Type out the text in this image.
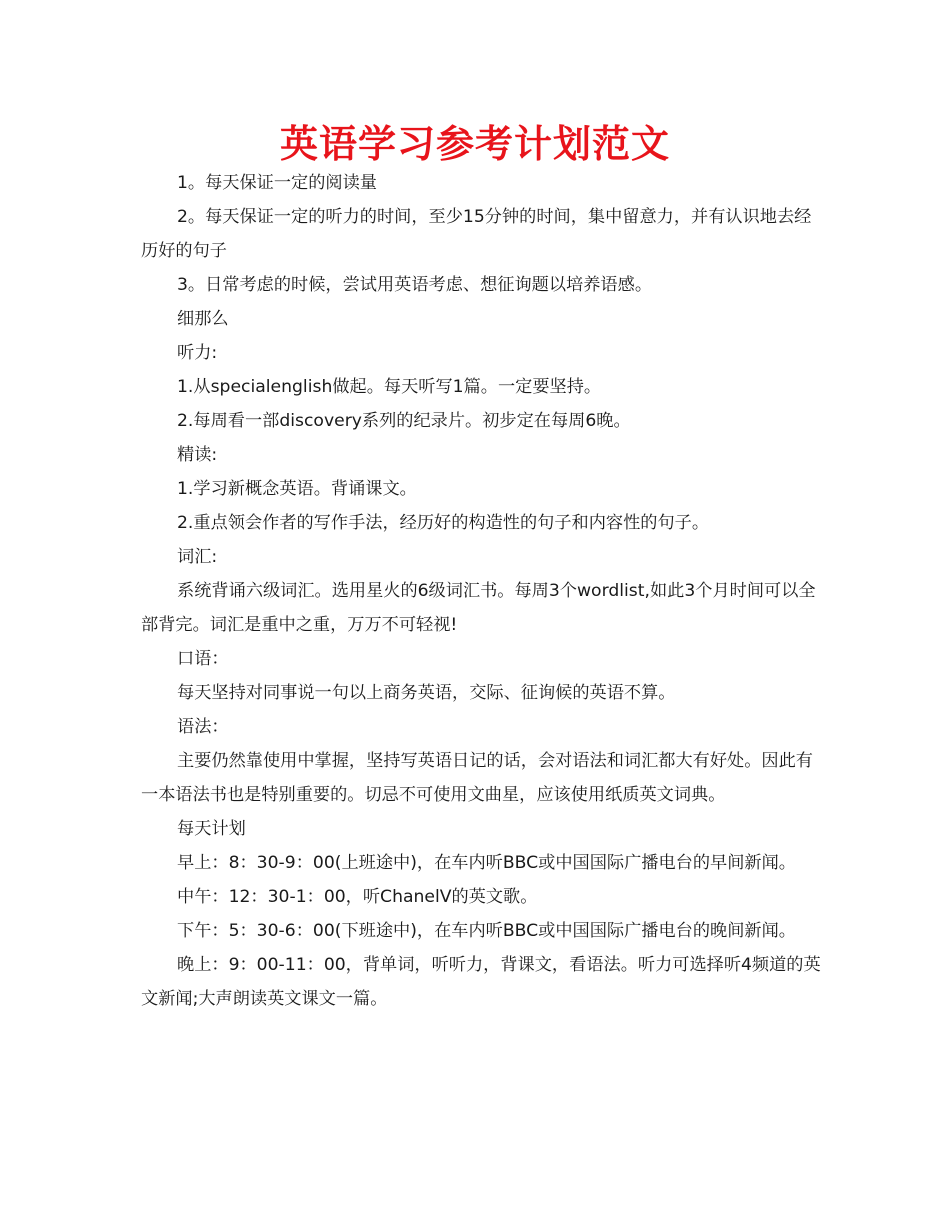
英语学习参考计划范文

1。每天保证一定的阅读量

2。每天保证一定的听力的时间，至少15分钟的时间，集中留意力，并有认识地去经历好的句子

3。日常考虑的时候，尝试用英语考虑、想征询题以培养语感。

细那么

听力:

1.从specialenglish做起。每天听写1篇。一定要坚持。

2.每周看一部discovery系列的纪录片。初步定在每周6晚。

精读:

1.学习新概念英语。背诵课文。

2.重点领会作者的写作手法，经历好的构造性的句子和内容性的句子。

词汇:

系统背诵六级词汇。选用星火的6级词汇书。每周3个wordlist,如此3个月时间可以全部背完。词汇是重中之重，万万不可轻视!

口语：

每天坚持对同事说一句以上商务英语，交际、征询候的英语不算。

语法：

主要仍然靠使用中掌握，坚持写英语日记的话，会对语法和词汇都大有好处。因此有一本语法书也是特别重要的。切忌不可使用文曲星，应该使用纸质英文词典。

每天计划

早上：8：30-9：00(上班途中)，在车内听BBC或中国国际广播电台的早间新闻。

中午：12：30-1：00，听ChanelV的英文歌。

下午：5：30-6：00(下班途中)，在车内听BBC或中国国际广播电台的晚间新闻。

晚上：9：00-11：00，背单词，听听力，背课文，看语法。听力可选择听4频道的英文新闻;大声朗读英文课文一篇。
